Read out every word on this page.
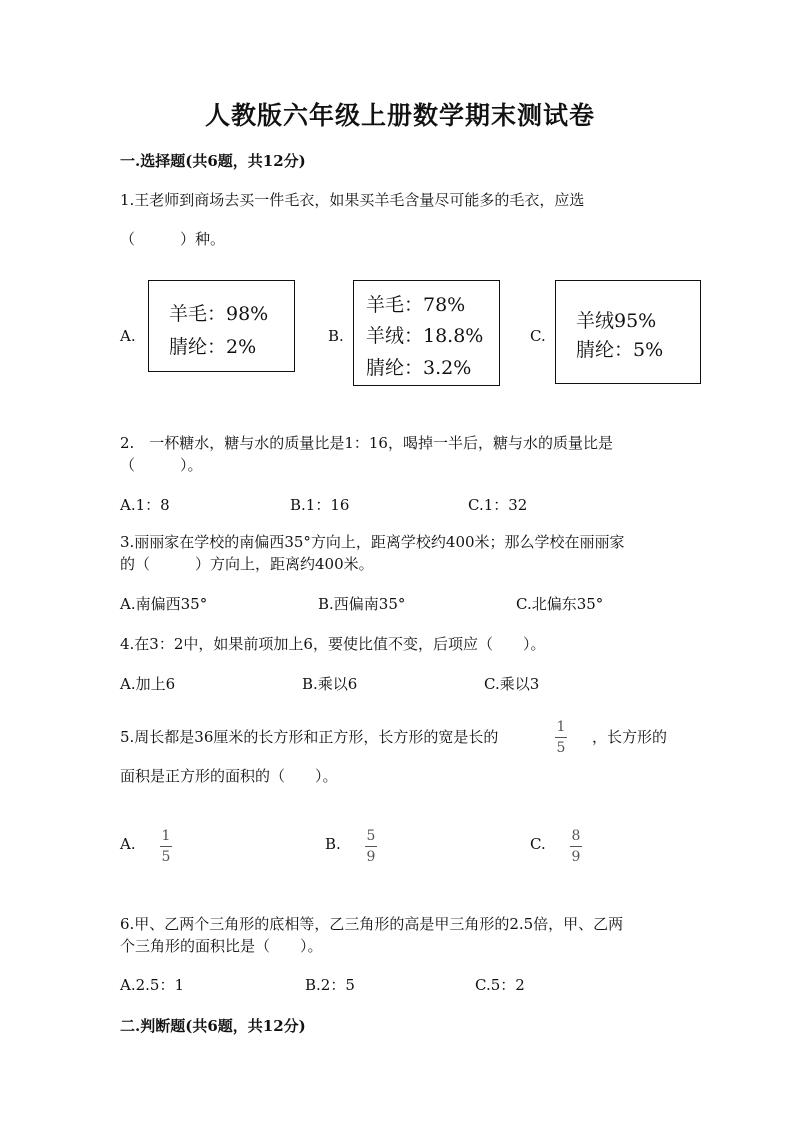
人教版六年级上册数学期末测试卷
一.选择题(共6题，共12分)
1.王老师到商场去买一件毛衣，如果买羊毛含量尽可能多的毛衣，应选
（　　　）种。
A.
羊毛：98%
腈纶：2%	B.
羊毛：78%
羊绒：18.8%
腈纶：3.2%
C.
羊绒95%
腈纶：5%
2.　一杯糖水，糖与水的质量比是1：16，喝掉一半后，糖与水的质量比是
（　　　）。
A.1：8	B.1：16	C.1：32
3.丽丽家在学校的南偏西35°方向上，距离学校约400米；那么学校在丽丽家
的（　　　）方向上，距离约400米。
A.南偏西35°	B.西偏南35°	C.北偏东35°
4.在3：2中，如果前项加上6，要使比值不变，后项应（　　）。
A.加上6	B.乘以6	C.乘以3
5.周长都是36厘米的长方形和正方形，长方形的宽是长的
1
5
，长方形的
面积是正方形的面积的（　　）。
A. 1
5
B. 5
9
C. 8
9
6.甲、乙两个三角形的底相等，乙三角形的高是甲三角形的2.5倍，甲、乙两
个三角形的面积比是（　　）。
A.2.5：1	B.2：5	C.5：2
二.判断题(共6题，共12分)
